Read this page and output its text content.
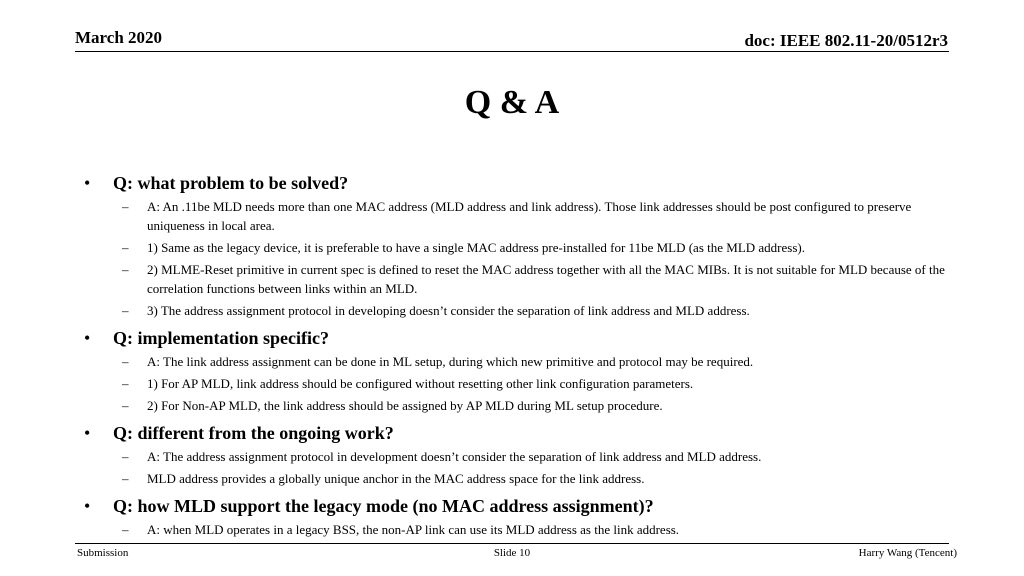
March 2020	doc: IEEE 802.11-20/0512r3
Q & A
•	Q: what problem to be solved?
–	A: An .11be MLD needs more than one MAC address (MLD address and link address). Those link addresses should be post configured to preserve uniqueness in local area.
–	1) Same as the legacy device, it is preferable to have a single MAC address pre-installed for 11be MLD (as the MLD address).
–	2) MLME-Reset primitive in current spec is defined to reset the MAC address together with all the MAC MIBs. It is not suitable for MLD because of the correlation functions between links within an MLD.
–	3) The address assignment protocol in developing doesn’t consider the separation of link address and MLD address.
•	Q: implementation specific?
–	A: The link address assignment can be done in ML setup, during which new primitive and protocol may be required.
–	1) For AP MLD, link address should be configured without resetting other link configuration parameters.
–	2) For Non-AP MLD, the link address should be assigned by AP MLD during ML setup procedure.
•	Q: different from the ongoing work?
–	A: The address assignment protocol in development doesn’t consider the separation of link address and MLD address.
–	MLD address provides a globally unique anchor in the MAC address space for the link address.
•	Q: how MLD support the legacy mode (no MAC address assignment)?
–	A: when MLD operates in a legacy BSS, the non-AP link can use its MLD address as the link address.
Submission	Slide 10	Harry Wang (Tencent)
